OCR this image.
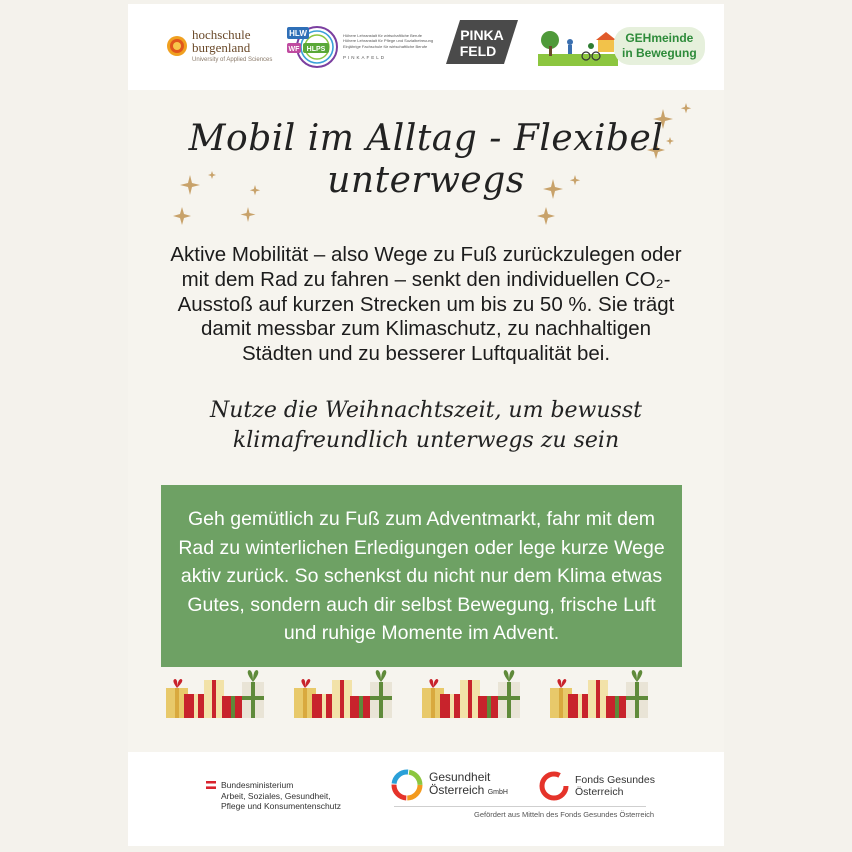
hochschule
burgenland
University of Applied Sciences
HLW
WF HLPS
Höhere Lehranstalt für wirtschaftliche Berufe
Höhere Lehranstalt für Pflege und Sozialbetreuung
Einjährige Fachschule für wirtschaftliche Berufe
PINKAFELD
PINKA
FELD
GEHmeinde
in Bewegung
Mobil im Alltag - Flexibel
unterwegs
Aktive Mobilität – also Wege zu Fuß zurückzulegen oder
mit dem Rad zu fahren – senkt den individuellen CO₂-
Ausstoß auf kurzen Strecken um bis zu 50 %. Sie trägt
damit messbar zum Klimaschutz, zu nachhaltigen
Städten und zu besserer Luftqualität bei.
Nutze die Weihnachtszeit, um bewusst
klimafreundlich unterwegs zu sein
Geh gemütlich zu Fuß zum Adventmarkt, fahr mit dem
Rad zu winterlichen Erledigungen oder lege kurze Wege
aktiv zurück. So schenkst du nicht nur dem Klima etwas
Gutes, sondern auch dir selbst Bewegung, frische Luft
und ruhige Momente im Advent.
Bundesministerium
Arbeit, Soziales, Gesundheit,
Pflege und Konsumentenschutz
Gesundheit
Österreich GmbH
Fonds Gesundes
Österreich
Gefördert aus Mitteln des Fonds Gesundes Österreich
